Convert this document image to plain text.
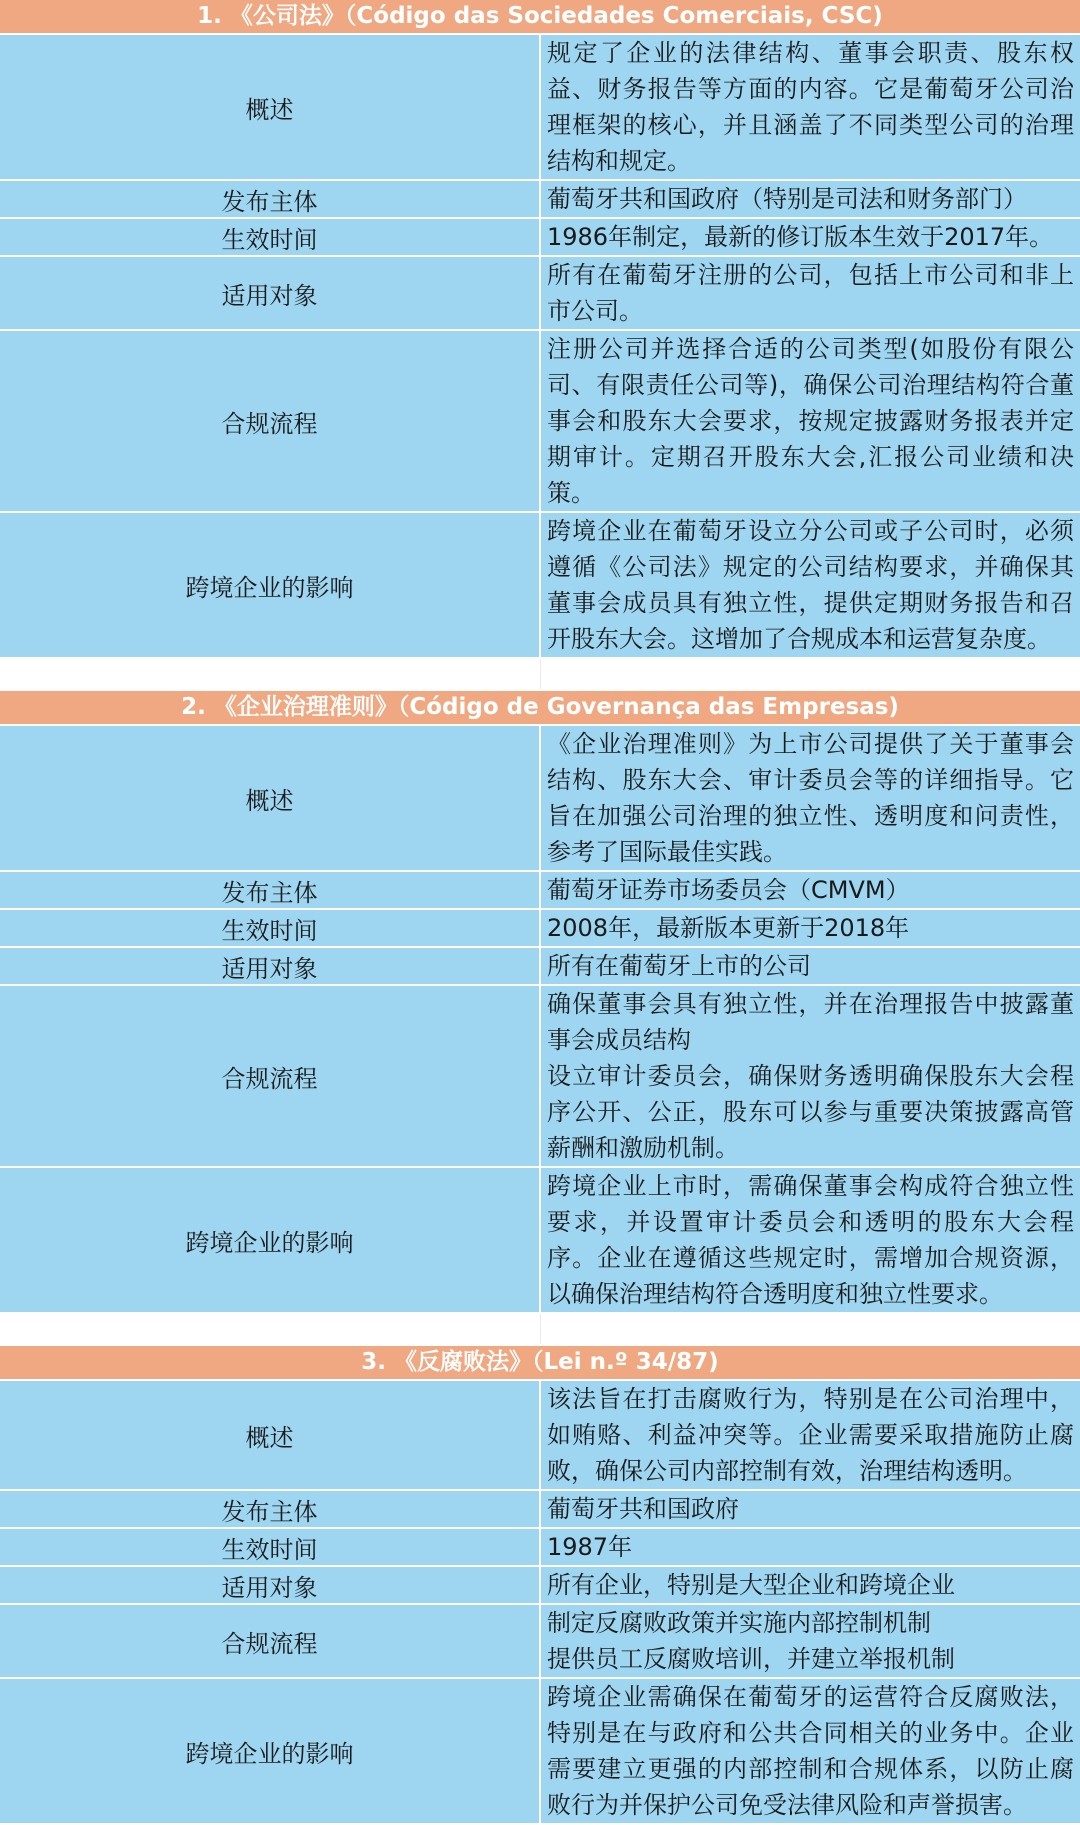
1. 《公司法》（Código das Sociedades Comerciais, CSC)	
概述	规定了企业的法律结构、董事会职责、股东权益、财务报告等方面的内容。它是葡萄牙公司治理框架的核心，并且涵盖了不同类型公司的治理结构和规定。
发布主体	葡萄牙共和国政府（特别是司法和财务部门）
生效时间	1986年制定，最新的修订版本生效于2017年。
适用对象	所有在葡萄牙注册的公司，包括上市公司和非上市公司。
合规流程	注册公司并选择合适的公司类型(如股份有限公司、有限责任公司等)，确保公司治理结构符合董事会和股东大会要求，按规定披露财务报表并定期审计。定期召开股东大会,汇报公司业绩和决策。
跨境企业的影响	跨境企业在葡萄牙设立分公司或子公司时，必须遵循《公司法》规定的公司结构要求，并确保其董事会成员具有独立性，提供定期财务报告和召开股东大会。这增加了合规成本和运营复杂度。

2. 《企业治理准则》（Código de Governança das Empresas)	
概述	《企业治理准则》为上市公司提供了关于董事会结构、股东大会、审计委员会等的详细指导。它旨在加强公司治理的独立性、透明度和问责性，参考了国际最佳实践。
发布主体	葡萄牙证券市场委员会（CMVM）
生效时间	2008年，最新版本更新于2018年
适用对象	所有在葡萄牙上市的公司
合规流程	确保董事会具有独立性，并在治理报告中披露董事会成员结构
设立审计委员会，确保财务透明确保股东大会程序公开、公正，股东可以参与重要决策披露高管薪酬和激励机制。
跨境企业的影响	跨境企业上市时，需确保董事会构成符合独立性要求，并设置审计委员会和透明的股东大会程序。企业在遵循这些规定时，需增加合规资源，以确保治理结构符合透明度和独立性要求。

3. 《反腐败法》（Lei n.º 34/87)	
概述	该法旨在打击腐败行为，特别是在公司治理中，如贿赂、利益冲突等。企业需要采取措施防止腐败，确保公司内部控制有效，治理结构透明。
发布主体	葡萄牙共和国政府
生效时间	1987年
适用对象	所有企业，特别是大型企业和跨境企业
合规流程	制定反腐败政策并实施内部控制机制
提供员工反腐败培训，并建立举报机制
跨境企业的影响	跨境企业需确保在葡萄牙的运营符合反腐败法，特别是在与政府和公共合同相关的业务中。企业需要建立更强的内部控制和合规体系，以防止腐败行为并保护公司免受法律风险和声誉损害。
